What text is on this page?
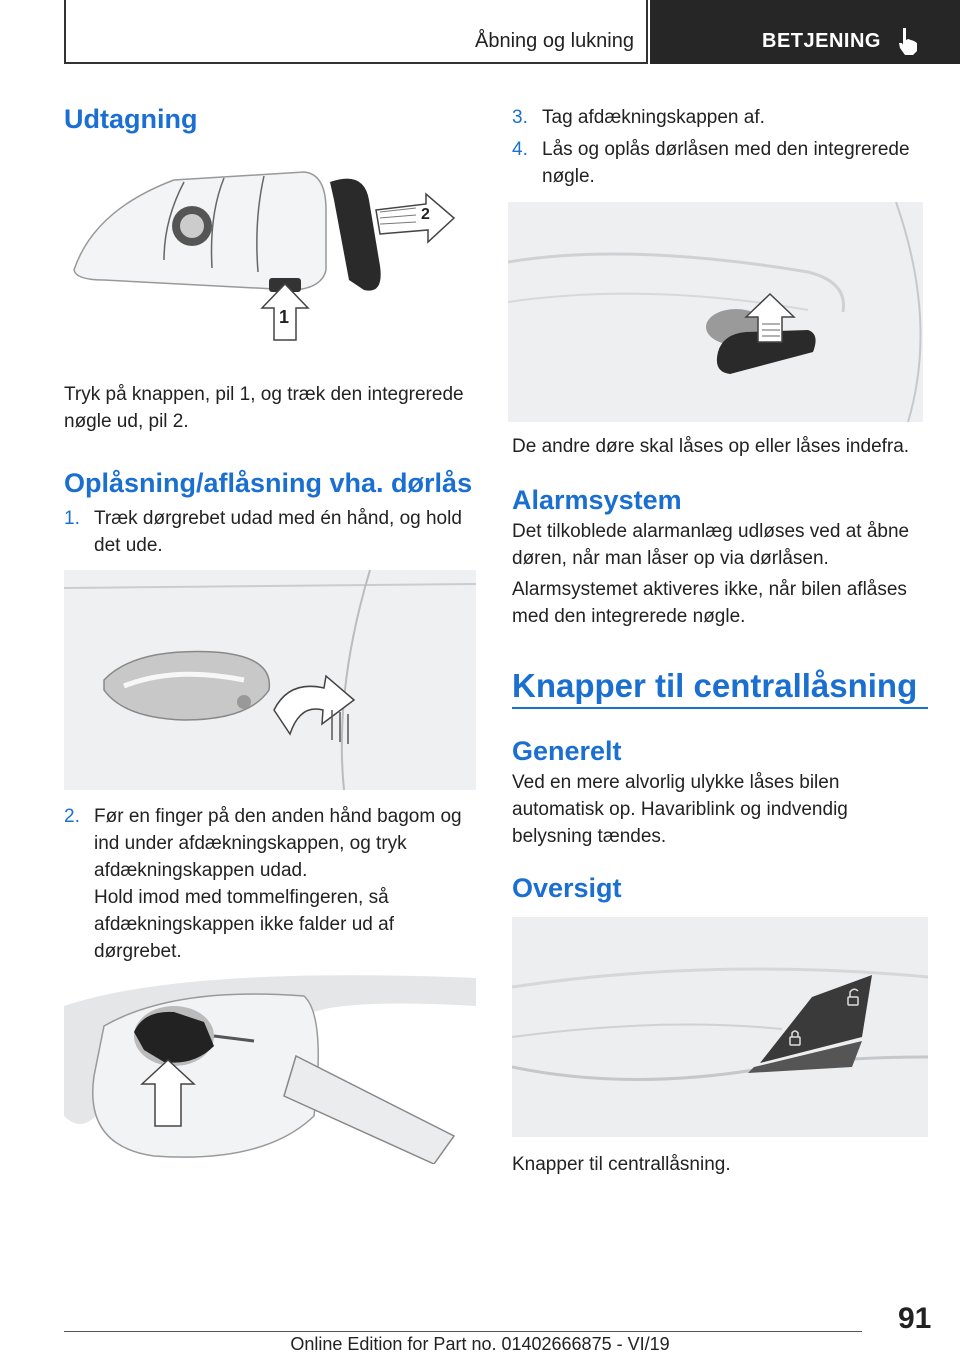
Åbning og lukning	BETJENING
Udtagning
1
2

Tryk på knappen, pil 1, og træk den integrerede nøgle ud, pil 2.

Oplåsning/aflåsning vha. dørlås
1. Træk dørgrebet udad med én hånd, og hold det ude.
2. Før en finger på den anden hånd bagom og ind under afdækningskappen, og tryk afdækningskappen udad.

Hold imod med tommelfingeren, så afdækningskappen ikke falder ud af dørgrebet.

3. Tag afdækningskappen af.
4. Lås og oplås dørlåsen med den integrerede nøgle.

De andre døre skal låses op eller låses indefra.

Alarmsystem

Det tilkoblede alarmanlæg udløses ved at åbne døren, når man låser op via dørlåsen.

Alarmsystemet aktiveres ikke, når bilen aflåses med den integrerede nøgle.

Knapper til centrallåsning
Generelt

Ved en mere alvorlig ulykke låses bilen automatisk op. Havariblink og indvendig belysning tændes.

Oversigt

Knapper til centrallåsning.

91
Online Edition for Part no. 01402666875 - VI/19
